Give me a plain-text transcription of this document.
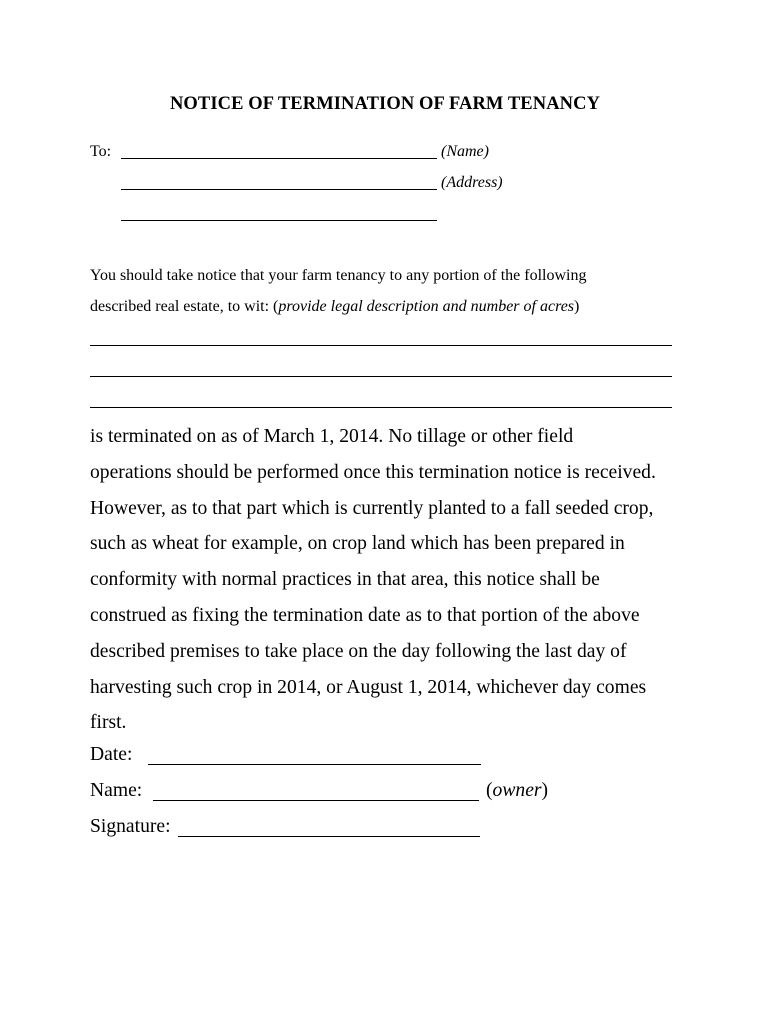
NOTICE OF TERMINATION OF FARM TENANCY
To:	(Name)
(Address)
You should take notice that your farm tenancy to any portion of the following
described real estate, to wit: (provide legal description and number of acres)
is terminated on as of March 1, 2014. No tillage or other field
operations should be performed once this termination notice is received.
However, as to that part which is currently planted to a fall seeded crop,
such as wheat for example, on crop land which has been prepared in
conformity with normal practices in that area, this notice shall be
construed as fixing the termination date as to that portion of the above
described premises to take place on the day following the last day of
harvesting such crop in 2014, or August 1, 2014, whichever day comes
first.
Date:
Name:	(owner)
Signature:
